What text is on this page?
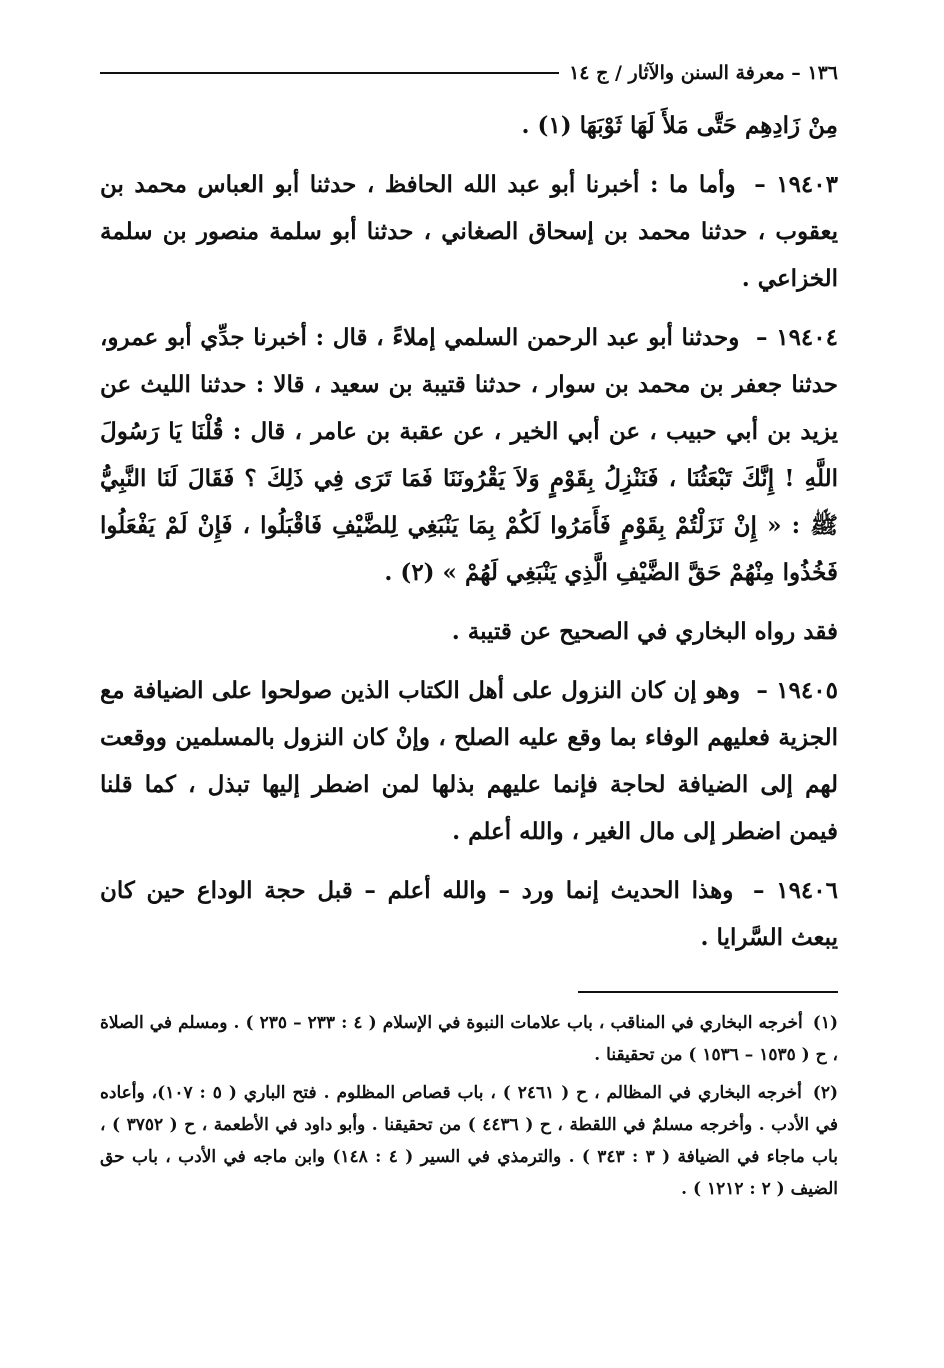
١٣٦ – معرفة السنن والآثار / ج ١٤

مِنْ زَادِهِم حَتَّى مَلأَ لَهَا ثَوْبَهَا (١) .

١٩٤٠٣ – وأما ما : أخبرنا أبو عبد الله الحافظ ، حدثنا أبو العباس محمد بن يعقوب ، حدثنا محمد بن إسحاق الصغاني ، حدثنا أبو سلمة منصور بن سلمة الخزاعي .

١٩٤٠٤ – وحدثنا أبو عبد الرحمن السلمي إملاءً ، قال : أخبرنا جدِّي أبو عمرو، حدثنا جعفر بن محمد بن سوار ، حدثنا قتيبة بن سعيد ، قالا : حدثنا الليث عن يزيد بن أبي حبيب ، عن أبي الخير ، عن عقبة بن عامر ، قال : قُلْنَا يَا رَسُولَ اللَّهِ ! إِنَّكَ تَبْعَثُنَا ، فَنَنْزِلُ بِقَوْمٍ وَلاَ يَقْرُونَنَا فَمَا تَرَى فِي ذَلِكَ ؟ فَقَالَ لَنَا النَّبِيُّ ﷺ : « إِنْ نَزَلْتُمْ بِقَوْمٍ فَأَمَرُوا لَكُمْ بِمَا يَنْبَغِي لِلضَّيْفِ فَاقْبَلُوا ، فَإِنْ لَمْ يَفْعَلُوا فَخُذُوا مِنْهُمْ حَقَّ الضَّيْفِ الَّذِي يَنْبَغِي لَهُمْ » (٢) .

فقد رواه البخاري في الصحيح عن قتيبة .

١٩٤٠٥ – وهو إن كان النزول على أهل الكتاب الذين صولحوا على الضيافة مع الجزية فعليهم الوفاء بما وقع عليه الصلح ، وإنْ كان النزول بالمسلمين ووقعت لهم إلى الضيافة لحاجة فإنما عليهم بذلها لمن اضطر إليها تبذل ، كما قلنا فيمن اضطر إلى مال الغير ، والله أعلم .

١٩٤٠٦ – وهذا الحديث إنما ورد – والله أعلم – قبل حجة الوداع حين كان يبعث السَّرايا .

(١) أخرجه البخاري في المناقب ، باب علامات النبوة في الإسلام ( ٤ : ٢٣٣ – ٢٣٥ ) . ومسلم في الصلاة ، ح ( ١٥٣٥ – ١٥٣٦ ) من تحقيقنا .

(٢) أخرجه البخاري في المظالم ، ح ( ٢٤٦١ ) ، باب قصاص المظلوم . فتح الباري ( ٥ : ١٠٧)، وأعاده في الأدب . وأخرجه مسلمٌ في اللقطة ، ح ( ٤٤٣٦ ) من تحقيقنا . وأبو داود في الأطعمة ، ح ( ٣٧٥٢ ) ، باب ماجاء في الضيافة ( ٣ : ٣٤٣ ) . والترمذي في السير ( ٤ : ١٤٨) وابن ماجه في الأدب ، باب حق الضيف ( ٢ : ١٢١٢ ) .
